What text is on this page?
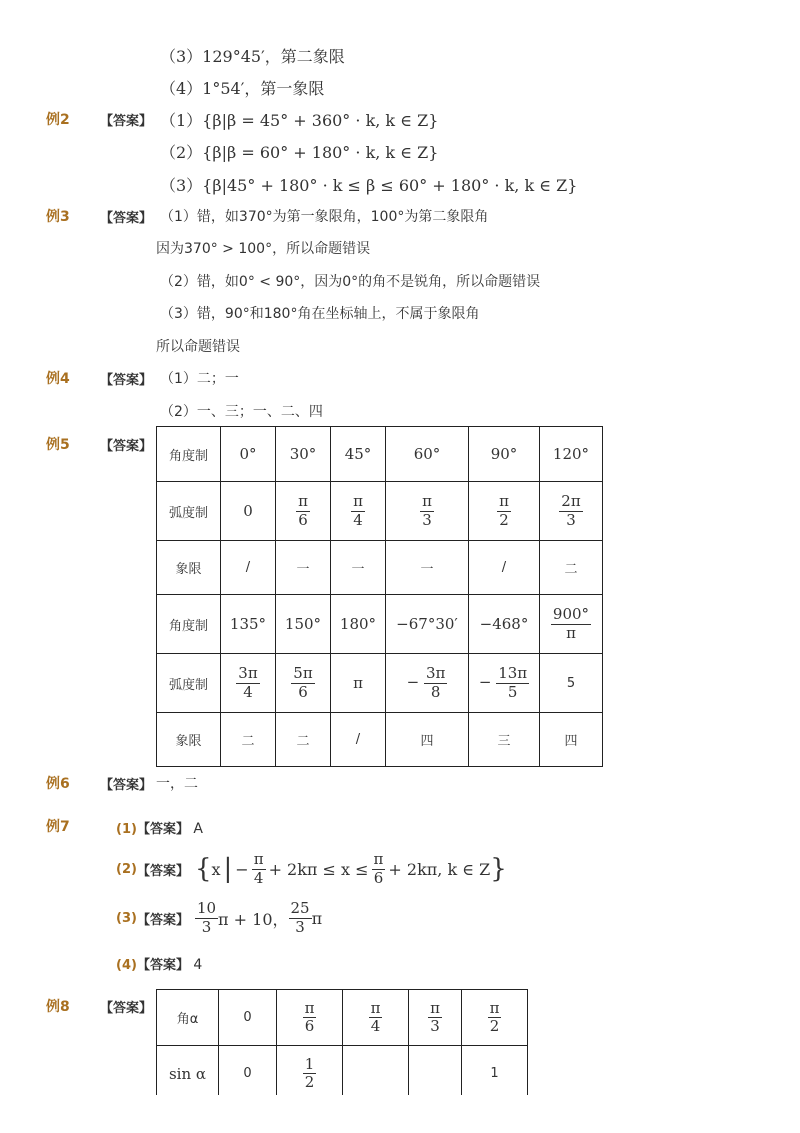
（3）129°45′，第二象限
（4）1°54′，第一象限
例2 【答案】 （1）{β|β = 45° + 360° · k, k ∈ Z}
（2）{β|β = 60° + 180° · k, k ∈ Z}
（3）{β|45° + 180° · k ≤ β ≤ 60° + 180° · k, k ∈ Z}
例3 【答案】 （1）错，如370°为第一象限角，100°为第二象限角
因为370° > 100°，所以命题错误
（2）错，如0° < 90°，因为0°的角不是锐角，所以命题错误
（3）错，90°和180°角在坐标轴上，不属于象限角
所以命题错误
例4 【答案】 （1）二；一
（2）一、三；一、二、四
例5 【答案】
角度制	0°	30°	45°	60°	90°	120°
弧度制	0	$\frac{\pi}{6}$	$\frac{\pi}{4}$	$\frac{\pi}{3}$	$\frac{\pi}{2}$	$\frac{2\pi}{3}$

象限	/	一	一	一	/	二
角度制	135°	150°	180°	−67°30′	−468°	$\frac{900^\circ}{\pi}$

弧度制	$\frac{3\pi}{4}$	$\frac{5\pi}{6}$	π	− $\frac{3\pi}{8}$	− $\frac{13\pi}{5}$	5
象限	二	二	/	四	三	四
例6 【答案】 一，二
例7	(1)【答案】 A
(2) 【答案】 { x | − $\frac{\pi}{4} + 2k\pi \le x \le \frac{\pi}{6} + 2k\pi$, k ∈ Z }
(3) 【答案】 $\frac{10}{3}$ π + 10， $\frac{25}{3}$ π
(4)【答案】 4
例8 【答案】
角α	0	$\frac{\pi}{6}$	$\frac{\pi}{4}$	$\frac{\pi}{3}$	$\frac{\pi}{2}$

sin α	0	$\frac{1}{2}$			1
